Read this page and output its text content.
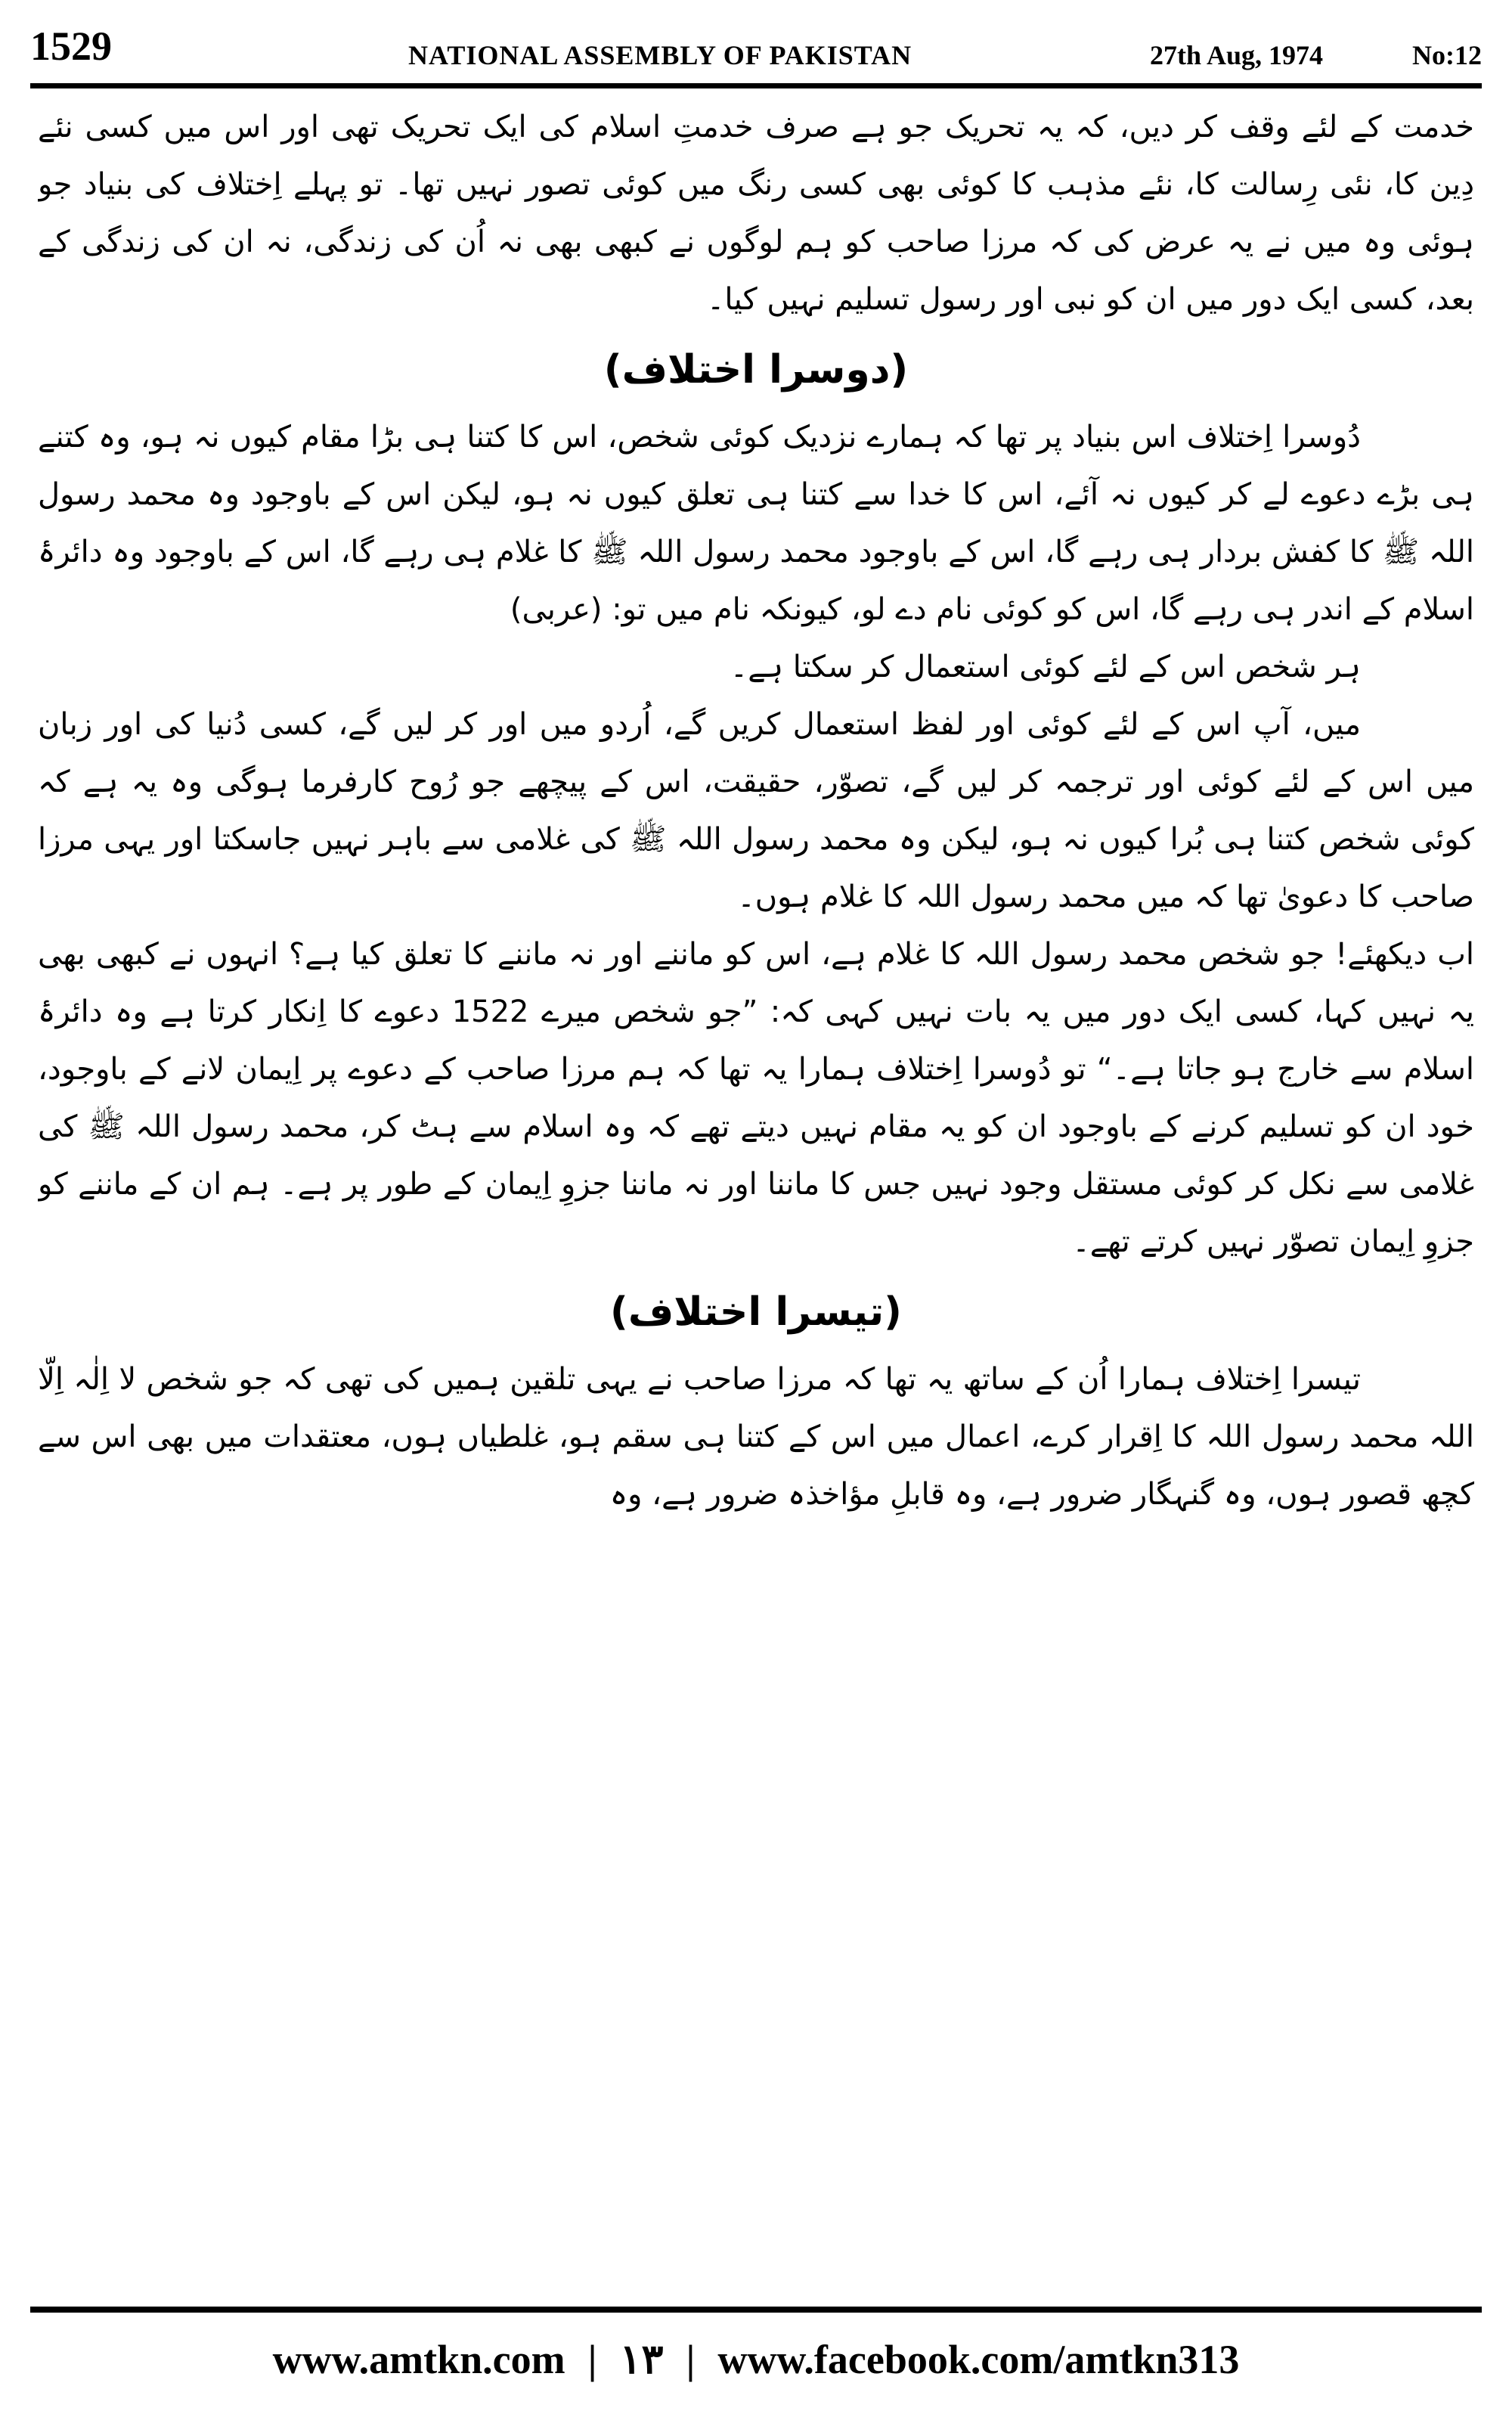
1529	NATIONAL ASSEMBLY OF PAKISTAN	27th Aug, 1974	No:12

خدمت کے لئے وقف کر دیں، کہ یہ تحریک جو ہے صرف خدمتِ اسلام کی ایک تحریک تھی اور اس میں کسی نئے دِین کا، نئی رِسالت کا، نئے مذہب کا کوئی بھی کسی رنگ میں کوئی تصور نہیں تھا۔ تو پہلے اِختلاف کی بنیاد جو ہوئی وہ میں نے یہ عرض کی کہ مرزا صاحب کو ہم لوگوں نے کبھی بھی نہ اُن کی زندگی، نہ ان کی زندگی کے بعد، کسی ایک دور میں ان کو نبی اور رسول تسلیم نہیں کیا۔

(دوسرا اختلاف)

دُوسرا اِختلاف اس بنیاد پر تھا کہ ہمارے نزدیک کوئی شخص، اس کا کتنا ہی بڑا مقام کیوں نہ ہو، وہ کتنے ہی بڑے دعوے لے کر کیوں نہ آئے، اس کا خدا سے کتنا ہی تعلق کیوں نہ ہو، لیکن اس کے باوجود وہ محمد رسول اللہ ﷺ کا کفش بردار ہی رہے گا، اس کے باوجود محمد رسول اللہ ﷺ کا غلام ہی رہے گا، اس کے باوجود وہ دائرۂ اسلام کے اندر ہی رہے گا، اس کو کوئی نام دے لو، کیونکہ نام میں تو: (عربی)

ہر شخص اس کے لئے کوئی استعمال کر سکتا ہے۔

میں، آپ اس کے لئے کوئی اور لفظ استعمال کریں گے، اُردو میں اور کر لیں گے، کسی دُنیا کی اور زبان میں اس کے لئے کوئی اور ترجمہ کر لیں گے، تصوّر، حقیقت، اس کے پیچھے جو رُوح کارفرما ہوگی وہ یہ ہے کہ کوئی شخص کتنا ہی بُرا کیوں نہ ہو، لیکن وہ محمد رسول اللہ ﷺ کی غلامی سے باہر نہیں جاسکتا اور یہی مرزا صاحب کا دعویٰ تھا کہ میں محمد رسول اللہ کا غلام ہوں۔

اب دیکھئے! جو شخص محمد رسول اللہ کا غلام ہے، اس کو ماننے اور نہ ماننے کا تعلق کیا ہے؟ انہوں نے کبھی بھی یہ نہیں کہا، کسی ایک دور میں یہ بات نہیں کہی کہ: ”جو شخص میرے 1522 دعوے کا اِنکار کرتا ہے وہ دائرۂ اسلام سے خارج ہو جاتا ہے۔“ تو دُوسرا اِختلاف ہمارا یہ تھا کہ ہم مرزا صاحب کے دعوے پر اِیمان لانے کے باوجود، خود ان کو تسلیم کرنے کے باوجود ان کو یہ مقام نہیں دیتے تھے کہ وہ اسلام سے ہٹ کر، محمد رسول اللہ ﷺ کی غلامی سے نکل کر کوئی مستقل وجود نہیں جس کا ماننا اور نہ ماننا جزوِ اِیمان کے طور پر ہے۔ ہم ان کے ماننے کو جزوِ اِیمان تصوّر نہیں کرتے تھے۔

(تیسرا اختلاف)

تیسرا اِختلاف ہمارا اُن کے ساتھ یہ تھا کہ مرزا صاحب نے یہی تلقین ہمیں کی تھی کہ جو شخص لا اِلٰہ اِلّا اللہ محمد رسول اللہ کا اِقرار کرے، اعمال میں اس کے کتنا ہی سقم ہو، غلطیاں ہوں، معتقدات میں بھی اس سے کچھ قصور ہوں، وہ گنہگار ضرور ہے، وہ قابلِ مؤاخذہ ضرور ہے، وہ

www.amtkn.com | ۱۳ | www.facebook.com/amtkn313
